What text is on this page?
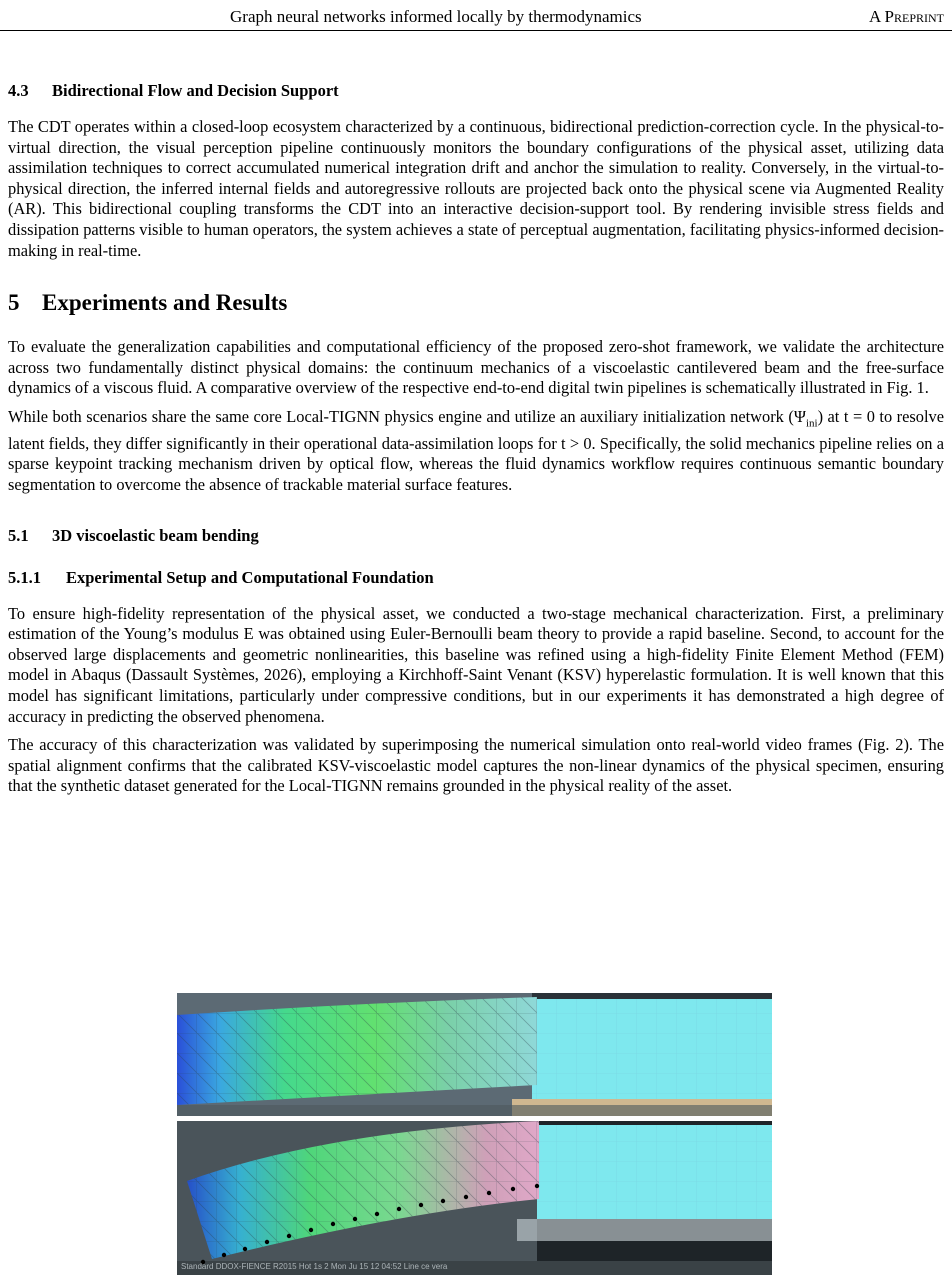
Graph neural networks informed locally by thermodynamics	A Preprint
4.3 Bidirectional Flow and Decision Support

The CDT operates within a closed-loop ecosystem characterized by a continuous, bidirectional prediction-correction cycle. In the physical-to-virtual direction, the visual perception pipeline continuously monitors the boundary configurations of the physical asset, utilizing data assimilation techniques to correct accumulated numerical integration drift and anchor the simulation to reality. Conversely, in the virtual-to-physical direction, the inferred internal fields and autoregressive rollouts are projected back onto the physical scene via Augmented Reality (AR). This bidirectional coupling transforms the CDT into an interactive decision-support tool. By rendering invisible stress fields and dissipation patterns visible to human operators, the system achieves a state of perceptual augmentation, facilitating physics-informed decision-making in real-time.

5 Experiments and Results

To evaluate the generalization capabilities and computational efficiency of the proposed zero-shot framework, we validate the architecture across two fundamentally distinct physical domains: the continuum mechanics of a viscoelastic cantilevered beam and the free-surface dynamics of a viscous fluid. A comparative overview of the respective end-to-end digital twin pipelines is schematically illustrated in Fig. 1.

While both scenarios share the same core Local-TIGNN physics engine and utilize an auxiliary initialization network $(\Psi_{ini})$ at t = 0 to resolve latent fields, they differ significantly in their operational data-assimilation loops for t > 0. Specifically, the solid mechanics pipeline relies on a sparse keypoint tracking mechanism driven by optical flow, whereas the fluid dynamics workflow requires continuous semantic boundary segmentation to overcome the absence of trackable material surface features.

5.1 3D viscoelastic beam bending
5.1.1 Experimental Setup and Computational Foundation

To ensure high-fidelity representation of the physical asset, we conducted a two-stage mechanical characterization. First, a preliminary estimation of the Young’s modulus E was obtained using Euler-Bernoulli beam theory to provide a rapid baseline. Second, to account for the observed large displacements and geometric nonlinearities, this baseline was refined using a high-fidelity Finite Element Method (FEM) model in Abaqus (Dassault Systèmes, 2026), employing a Kirchhoff-Saint Venant (KSV) hyperelastic formulation. It is well known that this model has significant limitations, particularly under compressive conditions, but in our experiments it has demonstrated a high degree of accuracy in predicting the observed phenomena.

The accuracy of this characterization was validated by superimposing the numerical simulation onto real-world video frames (Fig. 2). The spatial alignment confirms that the calibrated KSV-viscoelastic model captures the non-linear dynamics of the physical specimen, ensuring that the synthetic dataset generated for the Local-TIGNN remains grounded in the physical reality of the asset.

Standard DDOX-FIENCE R2015 Hot 1s 2 Mon Ju 15 12 04:52 Line ce vera
